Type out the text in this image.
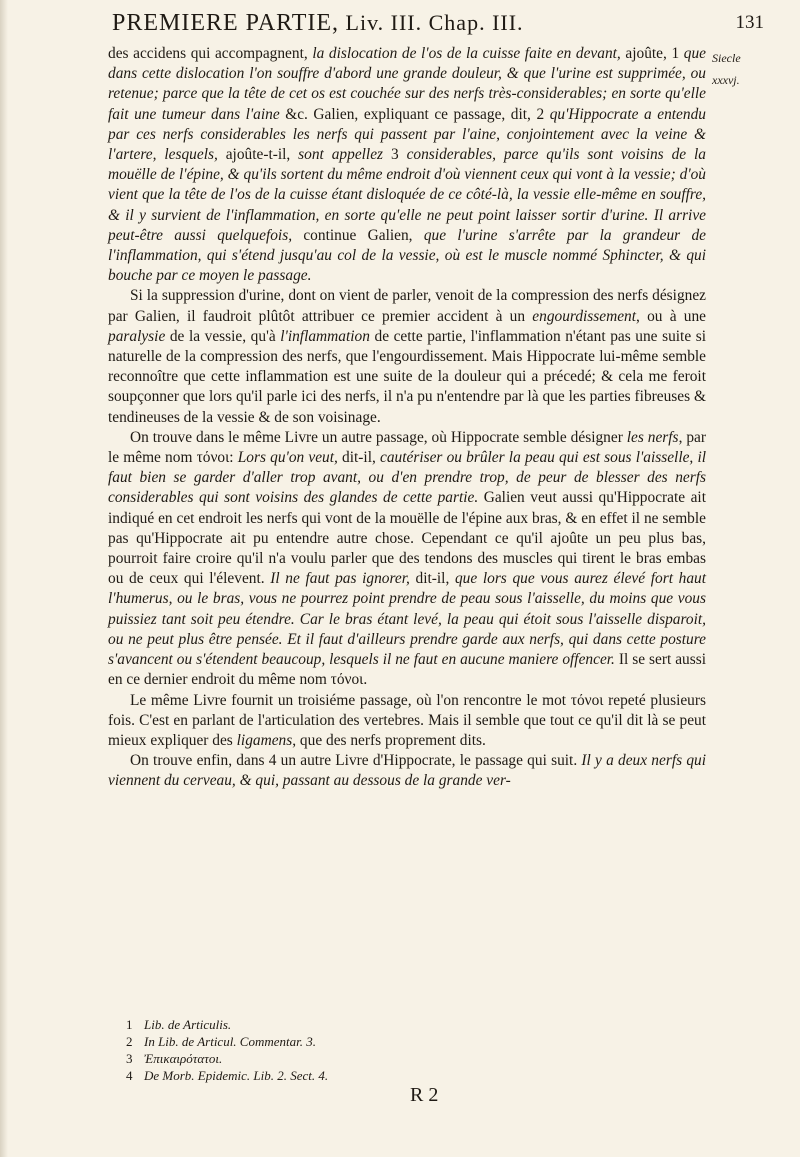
PREMIERE PARTIE, Liv. III. Chap. III.	131
Siecle
xxxvj.

des accidens qui accompagnent, la dislocation de l'os de la cuisse faite en devant, ajoûte, 1 que dans cette dislocation l'on souffre d'abord une grande douleur, & que l'urine est supprimée, ou retenue; parce que la tête de cet os est couchée sur des nerfs très-considerables; en sorte qu'elle fait une tumeur dans l'aine &c. Galien, expliquant ce passage, dit, 2 qu'Hippocrate a entendu par ces nerfs considerables les nerfs qui passent par l'aine, conjointement avec la veine & l'artere, lesquels, ajoûte-t-il, sont appellez 3 considerables, parce qu'ils sont voisins de la mouëlle de l'épine, & qu'ils sortent du même endroit d'où viennent ceux qui vont à la vessie; d'où vient que la tête de l'os de la cuisse étant disloquée de ce côté-là, la vessie elle-même en souffre, & il y survient de l'inflammation, en sorte qu'elle ne peut point laisser sortir d'urine. Il arrive peut-être aussi quelquefois, continue Galien, que l'urine s'arrête par la grandeur de l'inflammation, qui s'étend jusqu'au col de la vessie, où est le muscle nommé Sphincter, & qui bouche par ce moyen le passage.

Si la suppression d'urine, dont on vient de parler, venoit de la compression des nerfs désignez par Galien, il faudroit plûtôt attribuer ce premier accident à un engourdissement, ou à une paralysie de la vessie, qu'à l'inflammation de cette partie, l'inflammation n'étant pas une suite si naturelle de la compression des nerfs, que l'engourdissement. Mais Hippocrate lui-même semble reconnoître que cette inflammation est une suite de la douleur qui a précedé; & cela me feroit soupçonner que lors qu'il parle ici des nerfs, il n'a pu n'entendre par là que les parties fibreuses & tendineuses de la vessie & de son voisinage.

On trouve dans le même Livre un autre passage, où Hippocrate semble désigner les nerfs, par le même nom τόνοι: Lors qu'on veut, dit-il, cautériser ou brûler la peau qui est sous l'aisselle, il faut bien se garder d'aller trop avant, ou d'en prendre trop, de peur de blesser des nerfs considerables qui sont voisins des glandes de cette partie. Galien veut aussi qu'Hippocrate ait indiqué en cet endroit les nerfs qui vont de la mouëlle de l'épine aux bras, & en effet il ne semble pas qu'Hippocrate ait pu entendre autre chose. Cependant ce qu'il ajoûte un peu plus bas, pourroit faire croire qu'il n'a voulu parler que des tendons des muscles qui tirent le bras embas ou de ceux qui l'élevent. Il ne faut pas ignorer, dit-il, que lors que vous aurez élevé fort haut l'humerus, ou le bras, vous ne pourrez point prendre de peau sous l'aisselle, du moins que vous puissiez tant soit peu étendre. Car le bras étant levé, la peau qui étoit sous l'aisselle disparoit, ou ne peut plus être pensée. Et il faut d'ailleurs prendre garde aux nerfs, qui dans cette posture s'avancent ou s'étendent beaucoup, lesquels il ne faut en aucune maniere offencer. Il se sert aussi en ce dernier endroit du même nom τόνοι.

Le même Livre fournit un troisiéme passage, où l'on rencontre le mot τόνοι repeté plusieurs fois. C'est en parlant de l'articulation des vertebres. Mais il semble que tout ce qu'il dit là se peut mieux expliquer des ligamens, que des nerfs proprement dits.

On trouve enfin, dans 4 un autre Livre d'Hippocrate, le passage qui suit. Il y a deux nerfs qui viennent du cerveau, & qui, passant au dessous de la grande ver-

1 Lib. de Articulis.
2 In Lib. de Articul. Commentar. 3.
3 Ἐπικαιρότατοι.
4 De Morb. Epidemic. Lib. 2. Sect. 4.
R 2
